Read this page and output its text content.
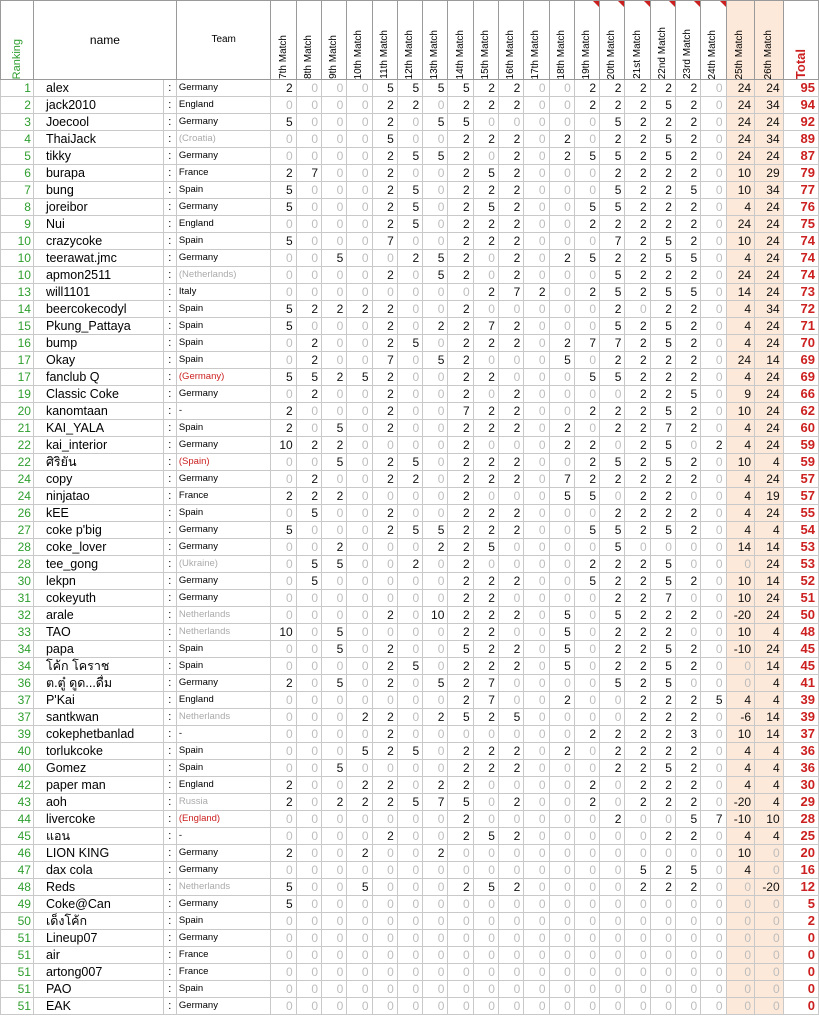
Ranking	name		Team	7th Match	8th Match	9th Match	10th Match	11th Match	12th Match	13th Match	14th Match	15th Match	16th Match	17th Match	18th Match	19th Match	20th Match	21st Match	22nd Match	23rd Match	24th Match	25th Match	26th Match	Total

1	alex	:	Germany	2	0	0	0	5	5	5	5	2	2	0	0	2	2	2	2	2	0	24	24	95
2	jack2010	:	England	0	0	0	0	2	2	0	2	2	2	0	0	2	2	2	5	2	0	24	34	94
3	Joecool	:	Germany	5	0	0	0	2	0	5	5	0	0	0	0	0	5	2	2	2	0	24	24	92
4	ThaiJack	:	(Croatia)	0	0	0	0	5	0	0	2	2	2	0	2	0	2	2	5	2	0	24	34	89
5	tikky	:	Germany	0	0	0	0	2	5	5	2	0	2	0	2	5	5	2	5	2	0	24	24	87
6	burapa	:	France	2	7	0	0	2	0	0	2	5	2	0	0	0	2	2	2	2	0	10	29	79
7	bungฺ	:	Spain	5	0	0	0	2	5	0	2	2	2	0	0	0	5	2	2	5	0	10	34	77
8	joreibor	:	Germany	5	0	0	0	2	5	0	2	5	2	0	0	5	5	2	2	2	0	4	24	76
9	Nui	:	England	0	0	0	0	2	5	0	2	2	2	0	0	2	2	2	2	2	0	24	24	75
10	crazycoke	:	Spain	5	0	0	0	7	0	0	2	2	2	0	0	0	7	2	5	2	0	10	24	74
10	teerawat.jmc	:	Germany	0	0	5	0	0	2	5	2	0	2	0	2	5	2	2	5	5	0	4	24	74
10	apmon2511	:	(Netherlands)	0	0	0	0	2	0	5	2	0	2	0	0	0	5	2	2	2	0	24	24	74
13	will1101	:	Italy	0	0	0	0	0	0	0	0	2	7	2	0	2	5	2	5	5	0	14	24	73
14	beercokecodyl	:	Spain	5	2	2	2	2	0	0	2	0	0	0	0	0	2	0	2	2	0	4	34	72
15	Pkung_Pattaya	:	Spain	5	0	0	0	2	0	2	2	7	2	0	0	0	5	2	5	2	0	4	24	71
16	bump	:	Spain	0	2	0	0	2	5	0	2	2	2	0	2	7	7	2	5	2	0	4	24	70
17	Okay	:	Spain	0	2	0	0	7	0	5	2	0	0	0	5	0	2	2	2	2	0	24	14	69
17	fanclub Q	:	(Germany)	5	5	2	5	2	0	0	2	2	0	0	0	5	5	2	2	2	0	4	24	69
19	Classic Coke	:	Germany	0	2	0	0	2	0	0	2	0	2	0	0	0	0	2	2	5	0	9	24	66
20	kanomtaan	:	-	2	0	0	0	2	0	0	7	2	2	0	0	2	2	2	5	2	0	10	24	62
21	KAI_YALA	:	Spain	2	0	5	0	2	0	0	2	2	2	0	2	0	2	2	7	2	0	4	24	60
22	kai_interior	:	Germany	10	2	2	0	0	0	0	2	0	0	0	2	2	0	2	5	0	2	4	24	59
22	ศิริยัน	:	(Spain)	0	0	5	0	2	5	0	2	2	2	0	0	2	5	2	5	2	0	10	4	59
24	copy	:	Germany	0	2	0	0	2	2	0	2	2	2	0	7	2	2	2	2	2	0	4	24	57
24	ninjatao	:	France	2	2	2	0	0	0	0	2	0	0	0	5	5	0	2	2	0	0	4	19	57
26	kEE	:	Spain	0	5	0	0	2	0	0	2	2	2	0	0	0	2	2	2	2	0	4	24	55
27	coke p'big	:	Germany	5	0	0	0	2	5	5	2	2	2	0	0	5	5	2	5	2	0	4	4	54
28	coke_lover	:	Germany	0	0	2	0	0	0	2	2	5	0	0	0	0	5	0	0	0	0	14	14	53
28	tee_gong	:	(Ukraine)	0	5	5	0	0	2	0	2	0	0	0	0	2	2	2	5	0	0	0	24	53
30	lekpn	:	Germany	0	5	0	0	0	0	0	2	2	2	0	0	5	2	2	5	2	0	10	14	52
31	cokeyuth	:	Germany	0	0	0	0	0	0	0	2	2	0	0	0	0	2	2	7	0	0	10	24	51
32	arale	:	Netherlands	0	0	0	0	2	0	10	2	2	2	0	5	0	5	2	2	2	0	-20	24	50
33	TAO	:	Netherlands	10	0	5	0	0	0	0	2	2	0	0	5	0	2	2	2	0	0	10	4	48
34	papa	:	Spain	0	0	5	0	2	0	0	5	2	2	0	5	0	2	2	5	2	0	-10	24	45
34	โค้ก โคราช	:	Spain	0	0	0	0	2	5	0	2	2	2	0	5	0	2	2	5	2	0	0	14	45
36	ต.ตู๋ ดูด...ดื่ม	:	Germany	2	0	5	0	2	0	5	2	7	0	0	0	0	5	2	5	0	0	0	4	41
37	P'Kai	:	England	0	0	0	0	0	0	0	2	7	0	0	2	0	0	2	2	2	5	4	4	39
37	santkwan	:	Netherlands	0	0	0	2	2	0	2	5	2	5	0	0	0	0	2	2	2	0	-6	14	39
39	cokephetbanlad	:	-	0	0	0	0	2	0	0	0	0	0	0	0	2	2	2	2	3	0	10	14	37
40	torlukcoke	:	Spain	0	0	0	5	2	5	0	2	2	2	0	2	0	2	2	2	2	0	4	4	36
40	Gomez	:	Spain	0	0	5	0	0	0	0	2	2	2	0	0	0	2	2	5	2	0	4	4	36
42	paper man	:	England	2	0	0	2	2	0	2	2	0	0	0	0	2	0	2	2	2	0	4	4	30
43	aoh	:	Russia	2	0	2	2	2	5	7	5	0	2	0	0	2	0	2	2	2	0	-20	4	29
44	livercoke	:	(England)	0	0	0	0	0	0	0	2	0	0	0	0	0	2	0	0	5	7	-10	10	28
45	แอน	:	-	0	0	0	0	2	0	0	2	5	2	0	0	0	0	0	2	2	0	4	4	25
46	LION KING	:	Germany	2	0	0	2	0	0	2	0	0	0	0	0	0	0	0	0	0	0	10	0	20
47	dax cola	:	Germany	0	0	0	0	0	0	0	0	0	0	0	0	0	0	5	2	5	0	4	0	16
48	Reds	:	Netherlands	5	0	0	5	0	0	0	2	5	2	0	0	0	0	2	2	2	0	0	-20	12
49	Coke@Can	:	Germany	5	0	0	0	0	0	0	0	0	0	0	0	0	0	0	0	0	0	0	0	5
50	เด็งโค้ก	:	Spain	0	0	0	0	0	0	0	0	0	0	0	0	0	0	0	0	0	0	0	0	2
51	Lineup07	:	Germany	0	0	0	0	0	0	0	0	0	0	0	0	0	0	0	0	0	0	0	0	0
51	air	:	France	0	0	0	0	0	0	0	0	0	0	0	0	0	0	0	0	0	0	0	0	0
51	artong007	:	France	0	0	0	0	0	0	0	0	0	0	0	0	0	0	0	0	0	0	0	0	0
51	PAO	:	Spain	0	0	0	0	0	0	0	0	0	0	0	0	0	0	0	0	0	0	0	0	0
51	EAK	:	Germany	0	0	0	0	0	0	0	0	0	0	0	0	0	0	0	0	0	0	0	0	0
